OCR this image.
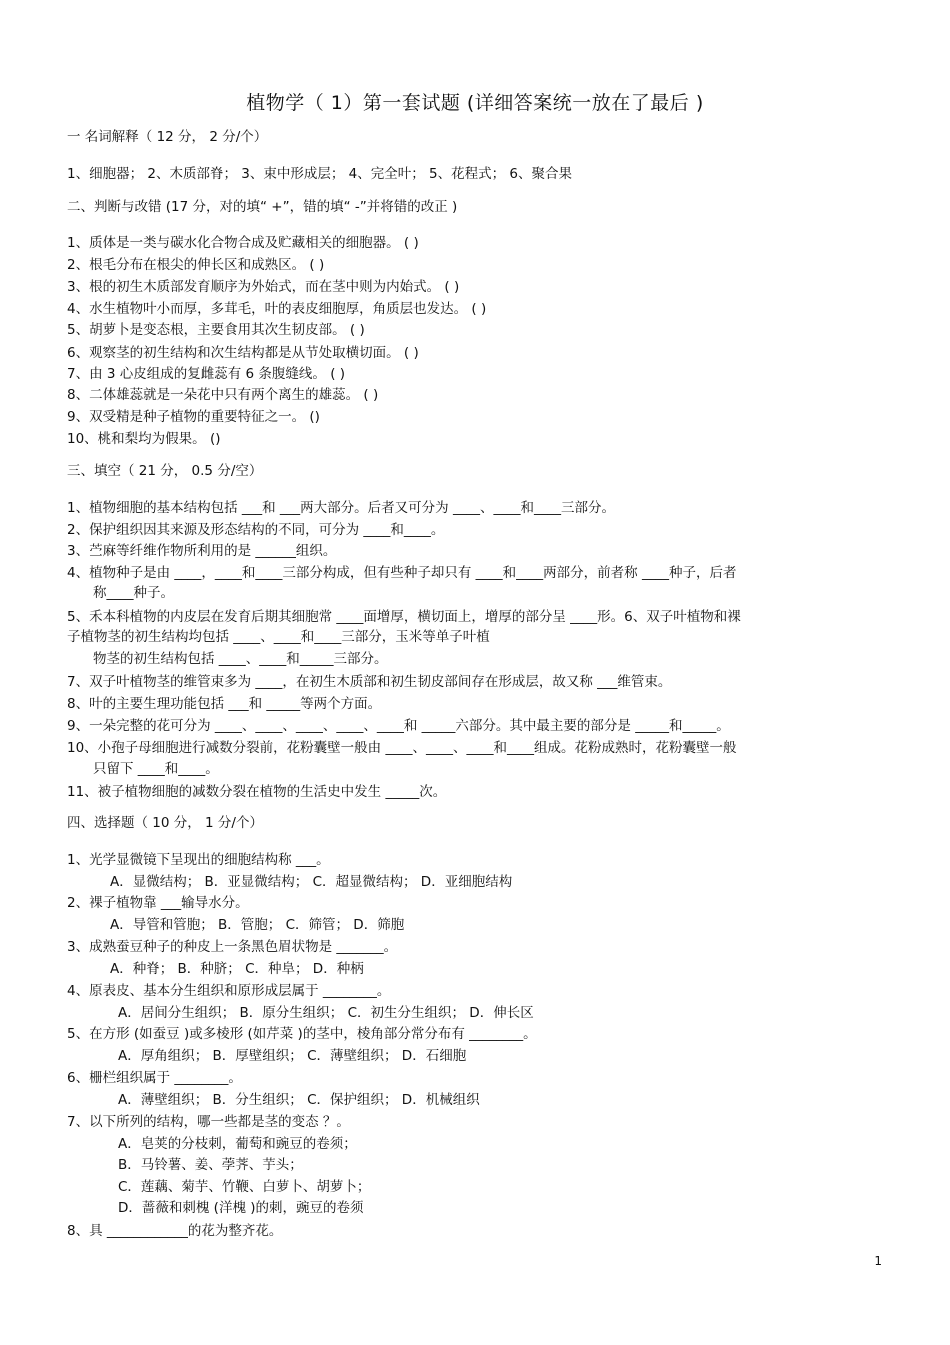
植物学（ 1）第一套试题 (详细答案统一放在了最后 )
一 名词解释（ 12 分， 2 分/个）
1、细胞器； 2、木质部脊； 3、束中形成层； 4、完全叶； 5、花程式； 6、聚合果
二、判断与改错 (17 分，对的填“ +”，错的填“ -”并将错的改正 )
1、质体是一类与碳水化合物合成及贮藏相关的细胞器。 ( )
2、根毛分布在根尖的伸长区和成熟区。 ( )
3、根的初生木质部发育顺序为外始式，而在茎中则为内始式。 ( )
4、水生植物叶小而厚，多茸毛，叶的表皮细胞厚，角质层也发达。 ( )
5、胡萝卜是变态根，主要食用其次生韧皮部。 ( )
6、观察茎的初生结构和次生结构都是从节处取横切面。 ( )
7、由 3 心皮组成的复雌蕊有 6 条腹缝线。 ( )
8、二体雄蕊就是一朵花中只有两个离生的雄蕊。 ( )
9、双受精是种子植物的重要特征之一。 ()
10、桃和梨均为假果。 ()
三、填空（ 21 分， 0.5 分/空）
1、植物细胞的基本结构包括 ___和 ___两大部分。后者又可分为 ____、____和____三部分。
2、保护组织因其来源及形态结构的不同，可分为 ____和____。
3、苎麻等纤维作物所利用的是 ______组织。
4、植物种子是由 ____，____和____三部分构成，但有些种子却只有 ____和____两部分，前者称 ____种子，后者
称____种子。
5、禾本科植物的内皮层在发育后期其细胞常 ____面增厚，横切面上，增厚的部分呈 ____形。6、双子叶植物和裸
子植物茎的初生结构均包括 ____、____和____三部分，玉米等单子叶植
物茎的初生结构包括 ____、____和_____三部分。
7、双子叶植物茎的维管束多为 ____，在初生木质部和初生韧皮部间存在形成层，故又称 ___维管束。
8、叶的主要生理功能包括 ___和 _____等两个方面。
9、一朵完整的花可分为 ____、____、____、____、____和 _____六部分。其中最主要的部分是 _____和_____。
10、小孢子母细胞进行减数分裂前，花粉囊壁一般由 ____、____、____和____组成。花粉成熟时，花粉囊壁一般
只留下 ____和____。
11、被子植物细胞的减数分裂在植物的生活史中发生 _____次。
四、选择题（ 10 分， 1 分/个）
1、光学显微镜下呈现出的细胞结构称 ___。
A．显微结构； B．亚显微结构； C．超显微结构； D．亚细胞结构
2、裸子植物靠 ___输导水分。
A．导管和管胞； B．管胞； C．筛管； D．筛胞
3、成熟蚕豆种子的种皮上一条黑色眉状物是 _______。
A．种脊； B．种脐； C．种阜； D．种柄
4、原表皮、基本分生组织和原形成层属于 ________。
A．居间分生组织； B．原分生组织； C．初生分生组织； D．伸长区
5、在方形 (如蚕豆 )或多棱形 (如芹菜 )的茎中，棱角部分常分布有 ________。
A．厚角组织； B．厚壁组织； C．薄壁组织； D．石细胞
6、栅栏组织属于 ________。
A．薄壁组织； B．分生组织； C．保护组织； D．机械组织
7、以下所列的结构，哪一些都是茎的变态 ？。
A．皂荚的分枝刺，葡萄和豌豆的卷须；
B．马铃薯、姜、荸荠、芋头；
C．莲藕、菊芋、竹鞭、白萝卜、胡萝卜；
D．蔷薇和刺槐 (洋槐 )的刺，豌豆的卷须
8、具 ____________的花为整齐花。
1
